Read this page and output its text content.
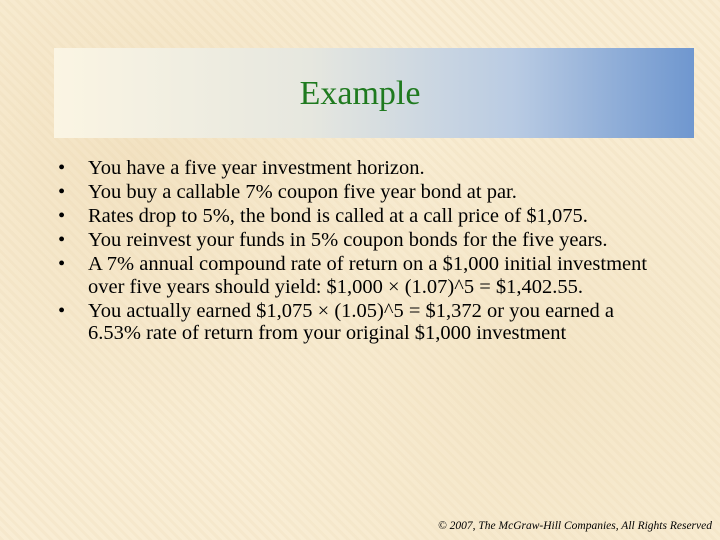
Example
•	You have a five year investment horizon.
•	You buy a callable 7% coupon five year bond at par.
•	Rates drop to 5%, the bond is called at a call price of $1,075.
•	You reinvest your funds in 5% coupon bonds for the five years.
•	A 7% annual compound rate of return on a $1,000 initial investment over five years should yield: $1,000 × (1.07)^5 = $1,402.55.
•	You actually earned $1,075 × (1.05)^5 = $1,372 or you earned a 6.53% rate of return from your original $1,000 investment
© 2007, The McGraw-Hill Companies, All Rights Reserved
